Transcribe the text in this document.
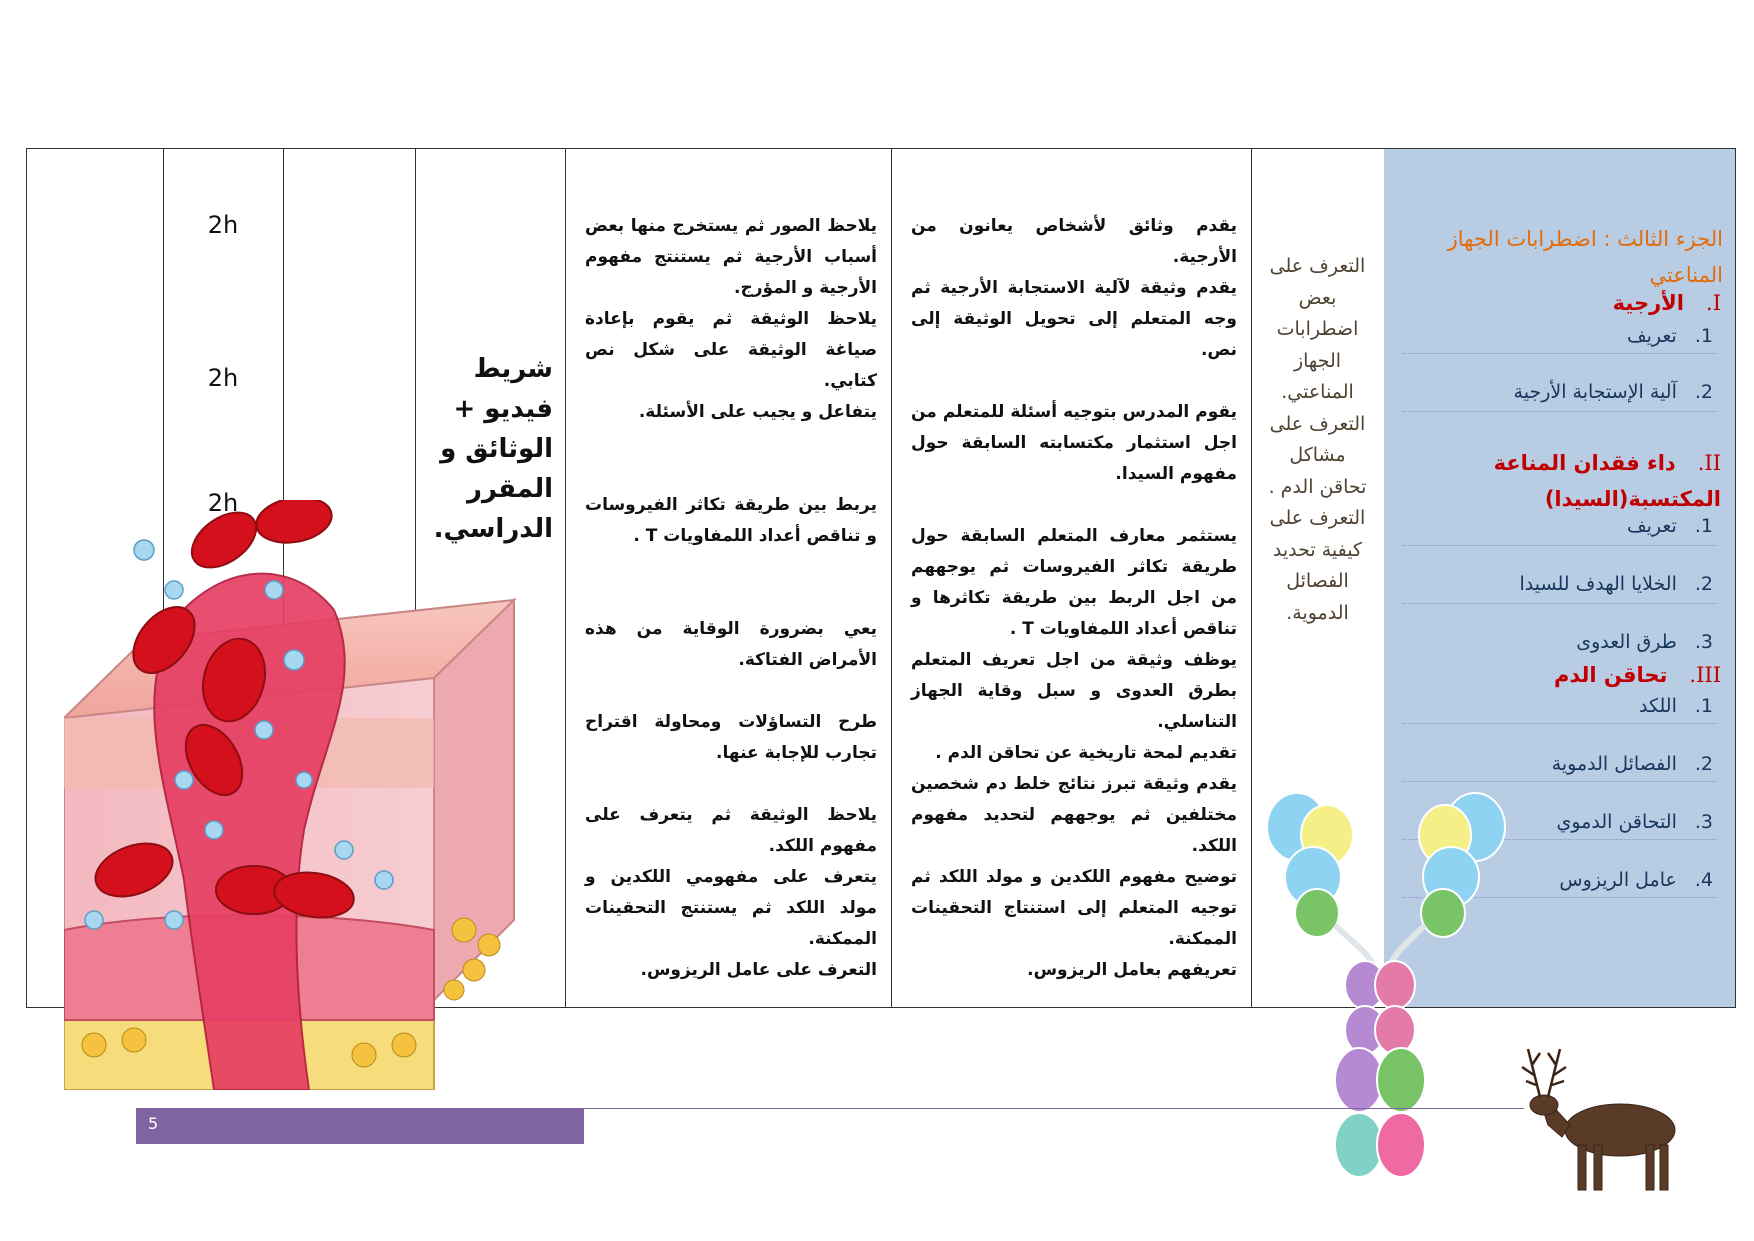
2h
2h
2h
شريط فيديو + الوثائق و المقرر الدراسي.

يلاحظ الصور ثم يستخرج منها بعض أسباب الأرجية ثم يستنتج مفهوم الأرجية و المؤرج.

يلاحظ الوثيقة ثم يقوم بإعادة صياغة الوثيقة على شكل نص كتابي.

يتفاعل و يجيب على الأسئلة.

يربط بين طريقة تكاثر الفيروسات و تناقص أعداد اللمفاويات T .

يعي بضرورة الوقاية من هذه الأمراض الفتاكة.

طرح التساؤلات ومحاولة اقتراح تجارب للإجابة عنها.

يلاحظ الوثيقة ثم يتعرف على مفهوم اللكد.

يتعرف على مفهومي اللكدين و مولد اللكد ثم يستنتج التحقينات الممكنة.

التعرف على عامل الريزوس.

يقدم وثائق لأشخاص يعانون من الأرجية.

يقدم وثيقة لآلية الاستجابة الأرجية ثم وجه المتعلم إلى تحويل الوثيقة إلى نص.

يقوم المدرس بتوجيه أسئلة للمتعلم من اجل استثمار مكتسابته السابقة حول مفهوم السيدا.

يستثمر معارف المتعلم السابقة حول طريقة تكاثر الفيروسات ثم يوجههم من اجل الربط بين طريقة تكاثرها و تناقص أعداد اللمفاويات T .

يوظف وثيقة من اجل تعريف المتعلم بطرق العدوى و سبل وقاية الجهاز التناسلي.

تقديم لمحة تاريخية عن تحاقن الدم .

يقدم وثيقة تبرز نتائج خلط دم شخصين مختلفين ثم يوجههم لتحديد مفهوم اللكد.

توضيح مفهوم اللكدين و مولد اللكد ثم توجيه المتعلم إلى استنتاج التحقينات الممكنة.

تعريفهم بعامل الريزوس.

التعرف على بعض اضطرابات الجهاز المناعتي. التعرف على مشاكل تحاقن الدم . التعرف على كيفية تحديد الفصائل الدموية.
الجزء الثالث : اضطرابات الجهاز المناعتي
I.الأرجية
1.تعريف
2.آلية الإستجابة الأرجية
II.داء فقدان المناعة المكتسبة(السيدا)
1.تعريف
2.الخلايا الهدف للسيدا
3.طرق العدوى
III.تحاقن الدم
1.اللكد
2.الفصائل الدموية
3.التحاقن الدموي
4.عامل الريزوس
5
